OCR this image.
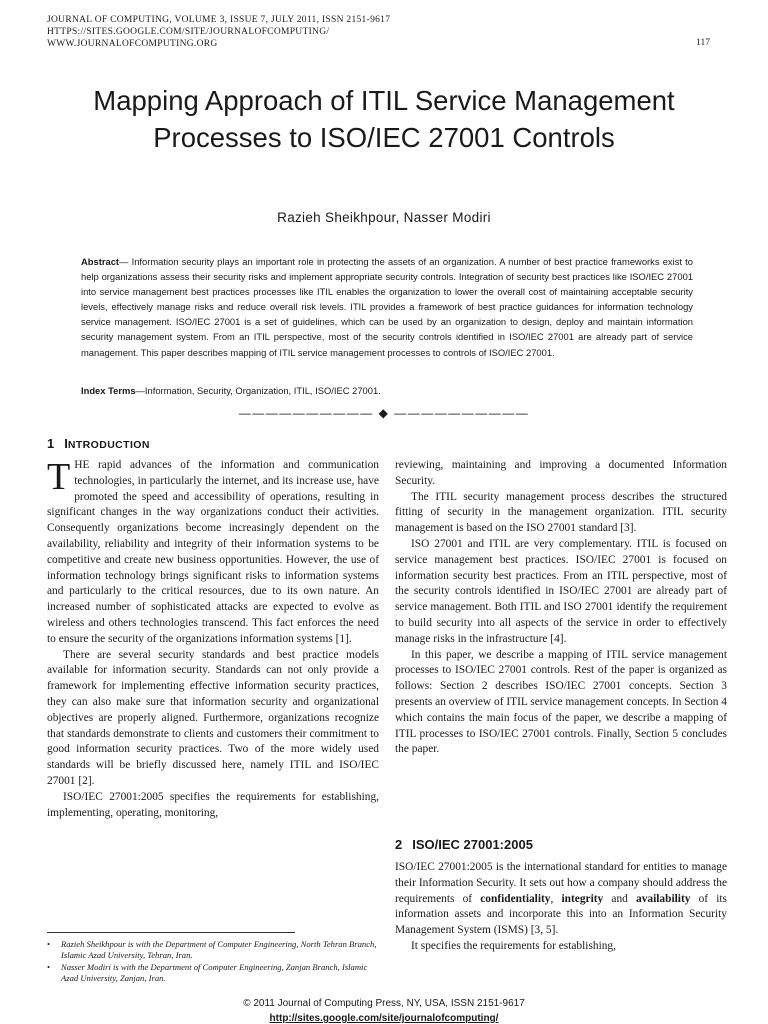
JOURNAL OF COMPUTING, VOLUME 3, ISSUE 7, JULY 2011, ISSN 2151-9617
HTTPS://SITES.GOOGLE.COM/SITE/JOURNALOFCOMPUTING/
WWW.JOURNALOFCOMPUTING.ORG	117
Mapping Approach of ITIL Service Management Processes to ISO/IEC 27001 Controls
Razieh Sheikhpour, Nasser Modiri
Abstract— Information security plays an important role in protecting the assets of an organization. A number of best practice frameworks exist to help organizations assess their security risks and implement appropriate security controls. Integration of security best practices like ISO/IEC 27001 into service management best practices processes like ITIL enables the organization to lower the overall cost of maintaining acceptable security levels, effectively manage risks and reduce overall risk levels. ITIL provides a framework of best practice guidances for information technology service management. ISO/IEC 27001 is a set of guidelines, which can be used by an organization to design, deploy and maintain information security management system. From an ITIL perspective, most of the security controls identified in ISO/IEC 27001 are already part of service management. This paper describes mapping of ITIL service management processes to controls of ISO/IEC 27001.
Index Terms—Information, Security, Organization, ITIL, ISO/IEC 27001.
—————————— ◆ ——————————
1 INTRODUCTION

THE rapid advances of the information and communication technologies, in particularly the internet, and its increase use, have promoted the speed and accessibility of operations, resulting in significant changes in the way organizations conduct their activities. Consequently organizations become increasingly dependent on the availability, reliability and integrity of their information systems to be competitive and create new business opportunities. However, the use of information technology brings significant risks to information systems and particularly to the critical resources, due to its own nature. An increased number of sophisticated attacks are expected to evolve as wireless and others technologies transcend. This fact enforces the need to ensure the security of the organizations information systems [1].

There are several security standards and best practice models available for information security. Standards can not only provide a framework for implementing effective information security practices, they can also make sure that information security and organizational objectives are properly aligned. Furthermore, organizations recognize that standards demonstrate to clients and customers their commitment to good information security practices. Two of the more widely used standards will be briefly discussed here, namely ITIL and ISO/IEC 27001 [2].

ISO/IEC 27001:2005 specifies the requirements for establishing, implementing, operating, monitoring,

reviewing, maintaining and improving a documented Information Security.

The ITIL security management process describes the structured fitting of security in the management organization. ITIL security management is based on the ISO 27001 standard [3].

ISO 27001 and ITIL are very complementary. ITIL is focused on service management best practices. ISO/IEC 27001 is focused on information security best practices. From an ITIL perspective, most of the security controls identified in ISO/IEC 27001 are already part of service management. Both ITIL and ISO 27001 identify the requirement to build security into all aspects of the service in order to effectively manage risks in the infrastructure [4].

In this paper, we describe a mapping of ITIL service management processes to ISO/IEC 27001 controls. Rest of the paper is organized as follows: Section 2 describes ISO/IEC 27001 concepts. Section 3 presents an overview of ITIL service management concepts. In Section 4 which contains the main focus of the paper, we describe a mapping of ITIL processes to ISO/IEC 27001 controls. Finally, Section 5 concludes the paper.

2 ISO/IEC 27001:2005

ISO/IEC 27001:2005 is the international standard for entities to manage their Information Security. It sets out how a company should address the requirements of confidentiality, integrity and availability of its information assets and incorporate this into an Information Security Management System (ISMS) [3, 5].

It specifies the requirements for establishing,

•	Razieh Sheikhpour is with the Department of Computer Engineering, North Tehran Branch, Islamic Azad University, Tehran, Iran.
•	Nasser Modiri is with the Department of Computer Engineering, Zanjan Branch, Islamic Azad University, Zanjan, Iran.
© 2011 Journal of Computing Press, NY, USA, ISSN 2151-9617
http://sites.google.com/site/journalofcomputing/
